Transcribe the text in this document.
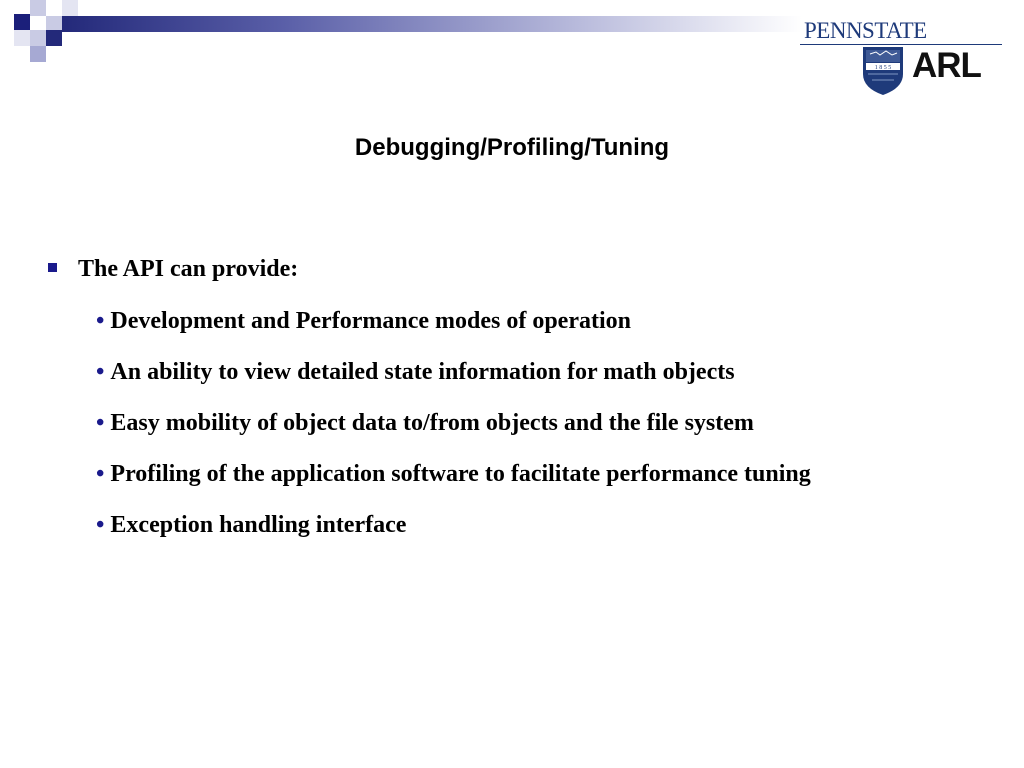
PENNSTATE
1 8 5 5 ARL
Debugging/Profiling/Tuning
The API can provide:
• Development and Performance modes of operation
• An ability to view detailed state information for math objects
• Easy mobility of object data to/from objects and the file system
• Profiling of the application software to facilitate performance tuning
• Exception handling interface
